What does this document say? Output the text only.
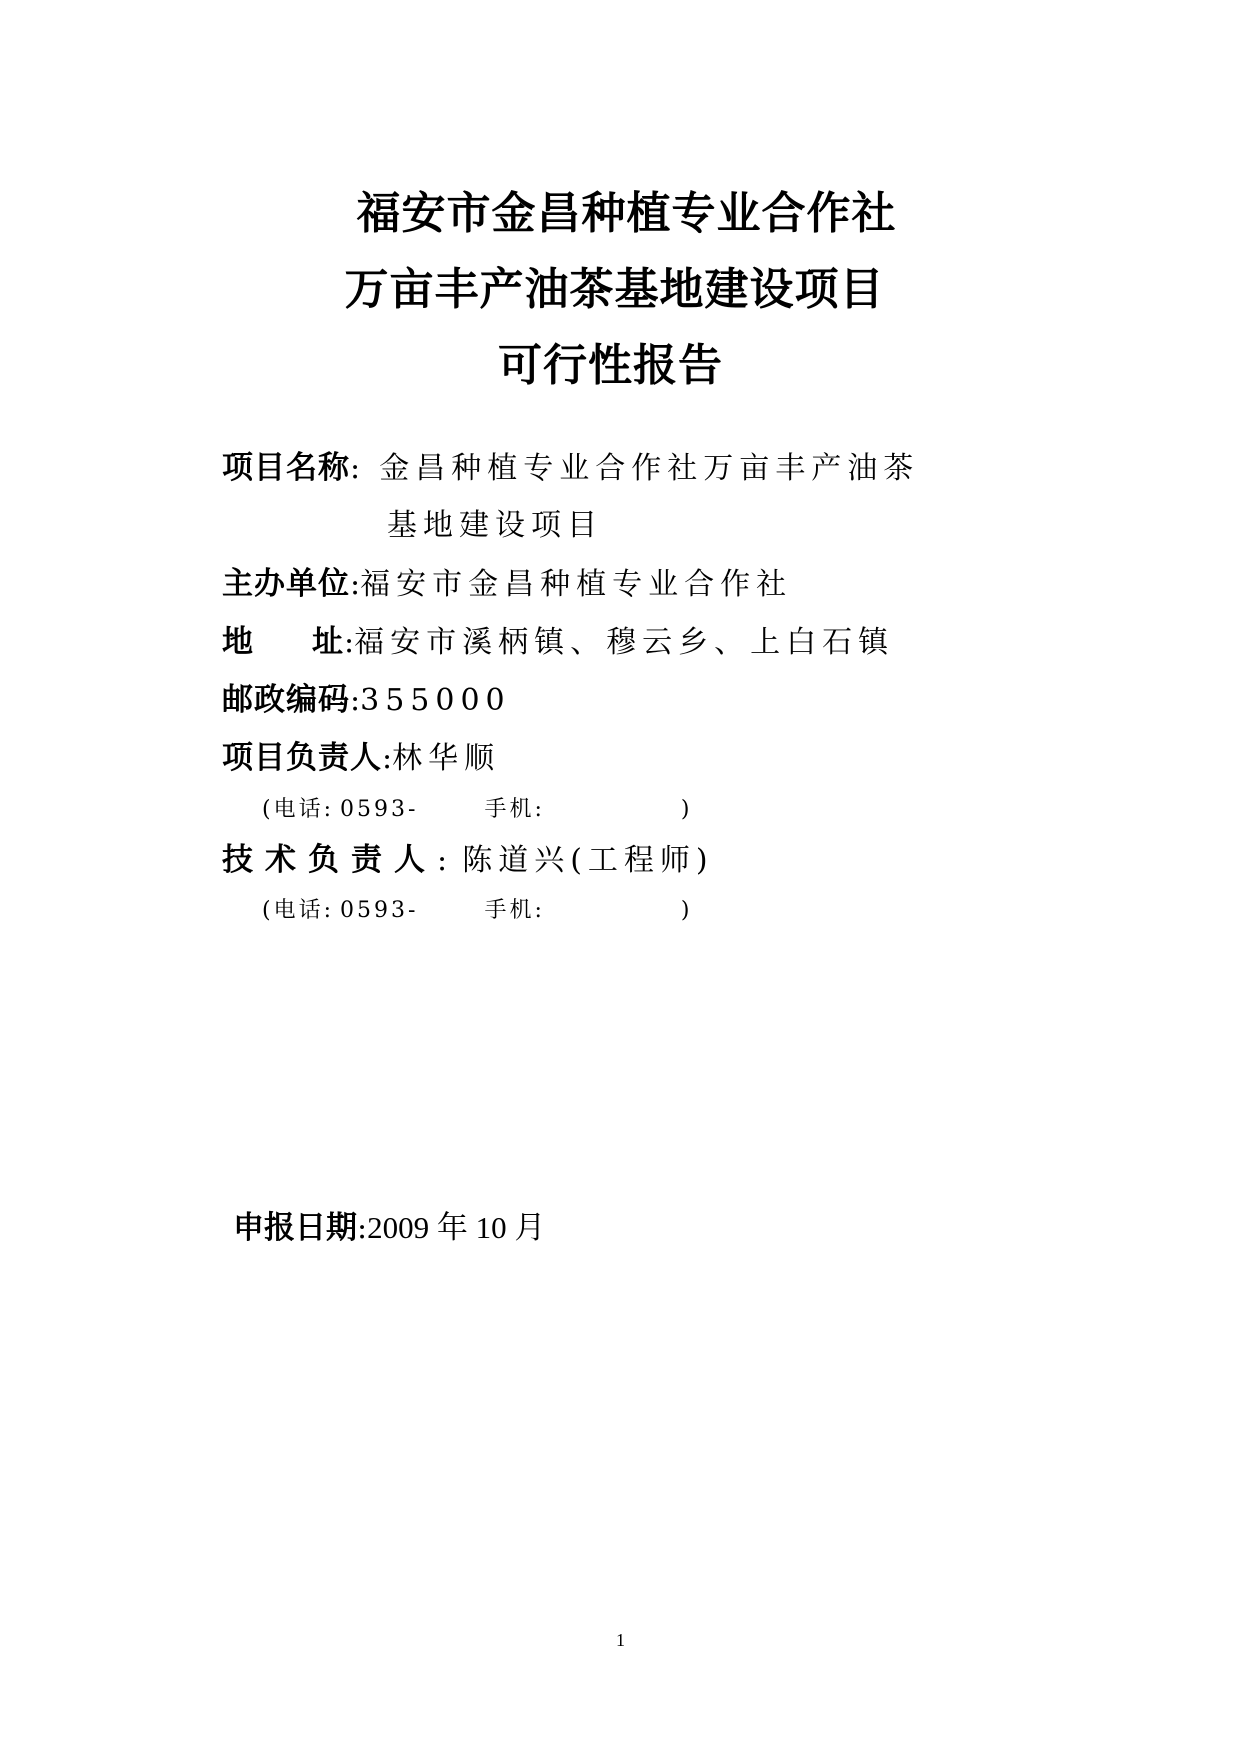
福安市金昌种植专业合作社
万亩丰产油茶基地建设项目
可行性报告
项目名称: 金昌种植专业合作社万亩丰产油茶
基地建设项目
主办单位:福安市金昌种植专业合作社
地 址:福安市溪柄镇、穆云乡、上白石镇
邮政编码:355000
项目负责人:林华顺
(电话: 0593-	手机:	)
技术负责人: 陈道兴(工程师)
(电话: 0593-	手机:	)
申报日期:2009 年 10 月
1
